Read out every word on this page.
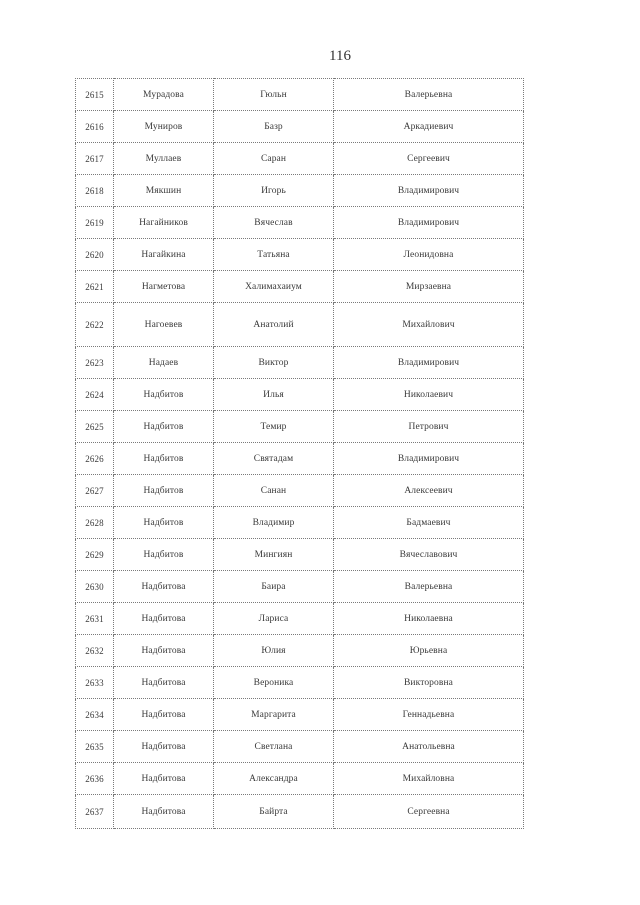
116
2615	Мурадова	Гюльн	Валерьевна
2616	Муниров	Базр	Аркадиевич
2617	Муллаев	Саран	Сергеевич
2618	Мякшин	Игорь	Владимирович
2619	Нагайников	Вячеслав	Владимирович
2620	Нагайкина	Татьяна	Леонидовна
2621	Нагметова	Халимахаиум	Мирзаевна
2622	Нагоевев	Анатолий	Михайлович
2623	Надаев	Виктор	Владимирович
2624	Надбитов	Илья	Николаевич
2625	Надбитов	Темир	Петрович
2626	Надбитов	Святадам	Владимирович
2627	Надбитов	Санан	Алексеевич
2628	Надбитов	Владимир	Бадмаевич
2629	Надбитов	Мингиян	Вячеславович
2630	Надбитова	Баира	Валерьевна
2631	Надбитова	Лариса	Николаевна
2632	Надбитова	Юлия	Юрьевна
2633	Надбитова	Вероника	Викторовна
2634	Надбитова	Маргарита	Геннадьевна
2635	Надбитова	Светлана	Анатольевна
2636	Надбитова	Александра	Михайловна
2637	Надбитова	Байрта	Сергеевна
